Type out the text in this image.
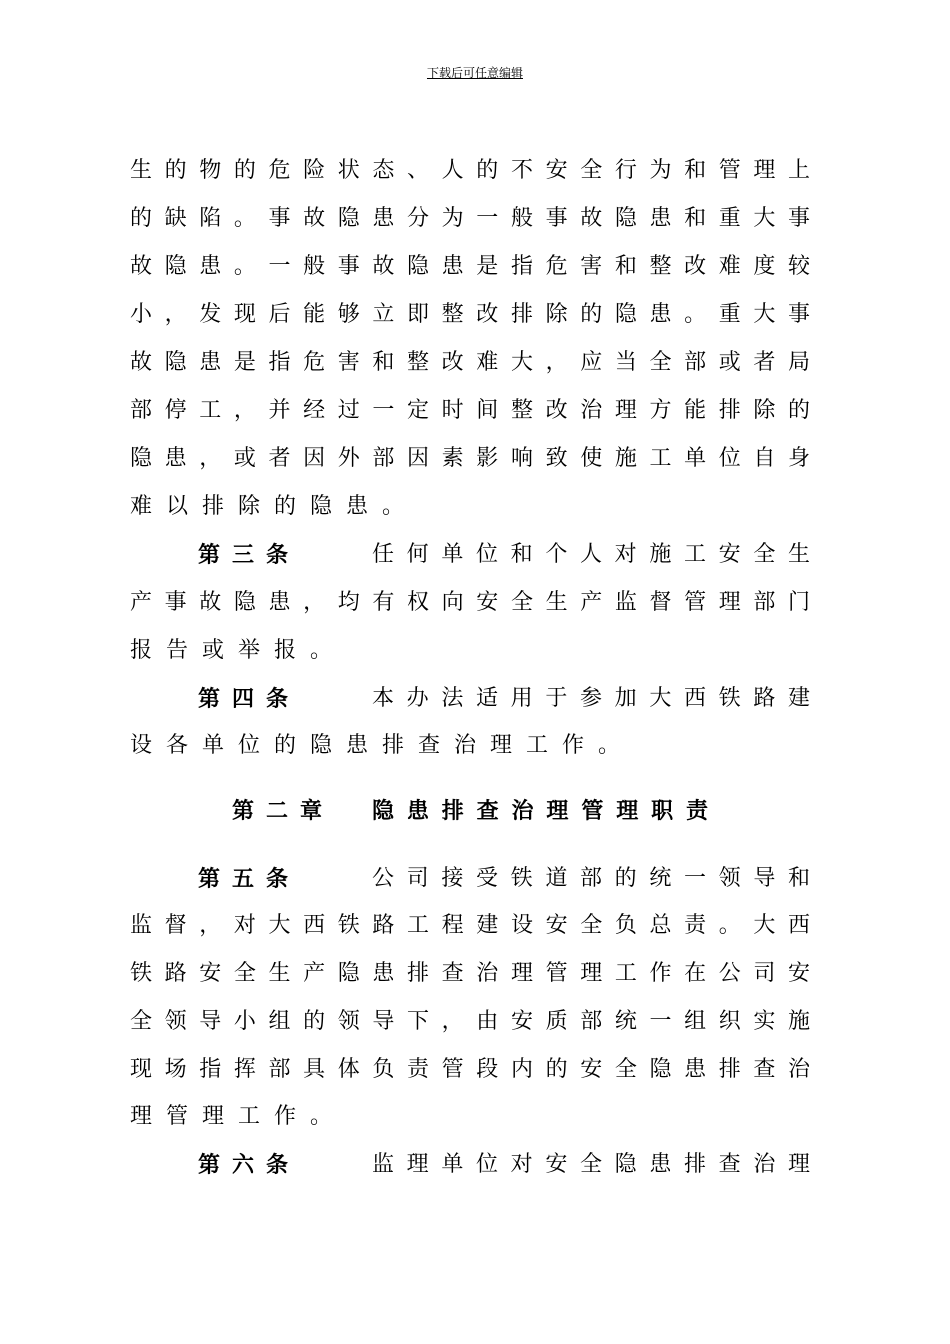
下载后可任意编辑
生的物的危险状态、人的不安全行为和管理上
的缺陷。事故隐患分为一般事故隐患和重大事
故隐患。一般事故隐患是指危害和整改难度较
小，发现后能够立即整改排除的隐患。重大事
故隐患是指危害和整改难大，应当全部或者局
部停工，并经过一定时间整改治理方能排除的
隐患，或者因外部因素影响致使施工单位自身
难以排除的隐患。
第三条	任何单位和个人对施工安全生
产事故隐患，均有权向安全生产监督管理部门
报告或举报。
第四条	本办法适用于参加大西铁路建
设各单位的隐患排查治理工作。
第二章 隐患排查治理管理职责
第五条	公司接受铁道部的统一领导和
监督，对大西铁路工程建设安全负总责。大西
铁路安全生产隐患排查治理管理工作在公司安
全领导小组的领导下，由安质部统一组织实施
现场指挥部具体负责管段内的安全隐患排查治
理管理工作。
第六条	监理单位对安全隐患排查治理
